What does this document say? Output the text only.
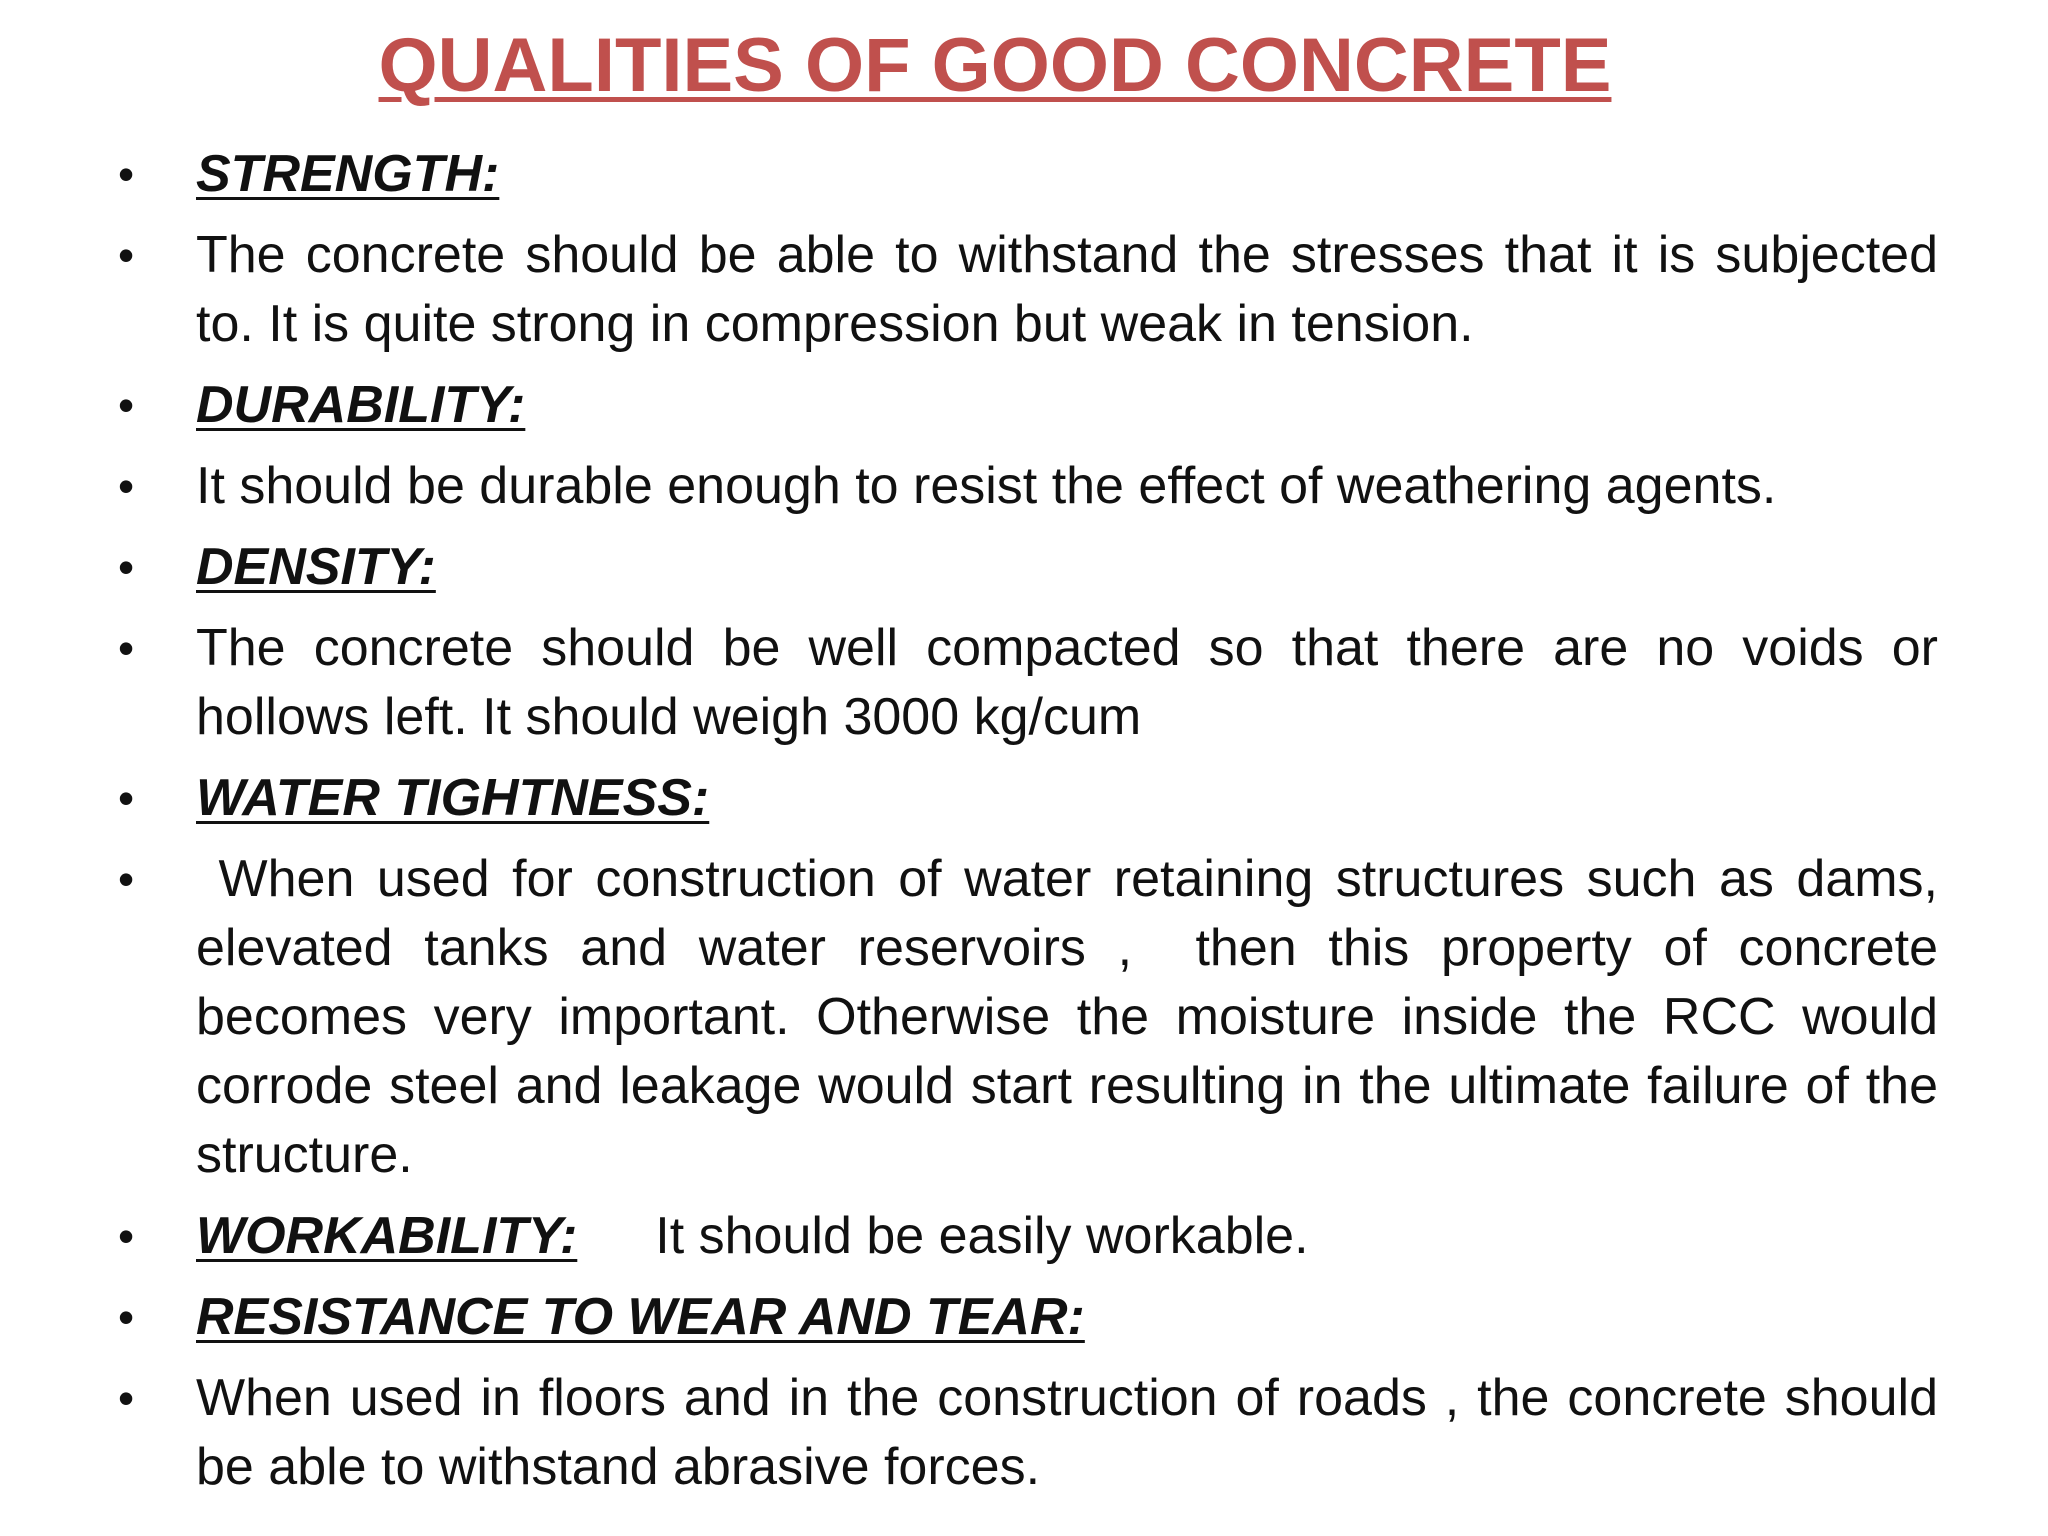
QUALITIES OF GOOD CONCRETE
•	STRENGTH:
•	The concrete should be able to withstand the stresses that it is subjected to. It is quite strong in compression but weak in tension.
•	DURABILITY:
•	It should be durable enough to resist the effect of weathering agents.
•	DENSITY:
•	The concrete should be well compacted so that there are no voids or hollows left. It should weigh 3000 kg/cum
•	WATER TIGHTNESS:
•	When used for construction of water retaining structures such as dams, elevated tanks and water reservoirs ,  then this property of concrete becomes very important. Otherwise the moisture inside the RCC would corrode steel and leakage would start resulting in the ultimate failure of the structure.
•	WORKABILITY: It should be easily workable.
•	RESISTANCE TO WEAR AND TEAR:
•	When used in floors and in the construction of roads , the concrete should be able to withstand abrasive forces.
